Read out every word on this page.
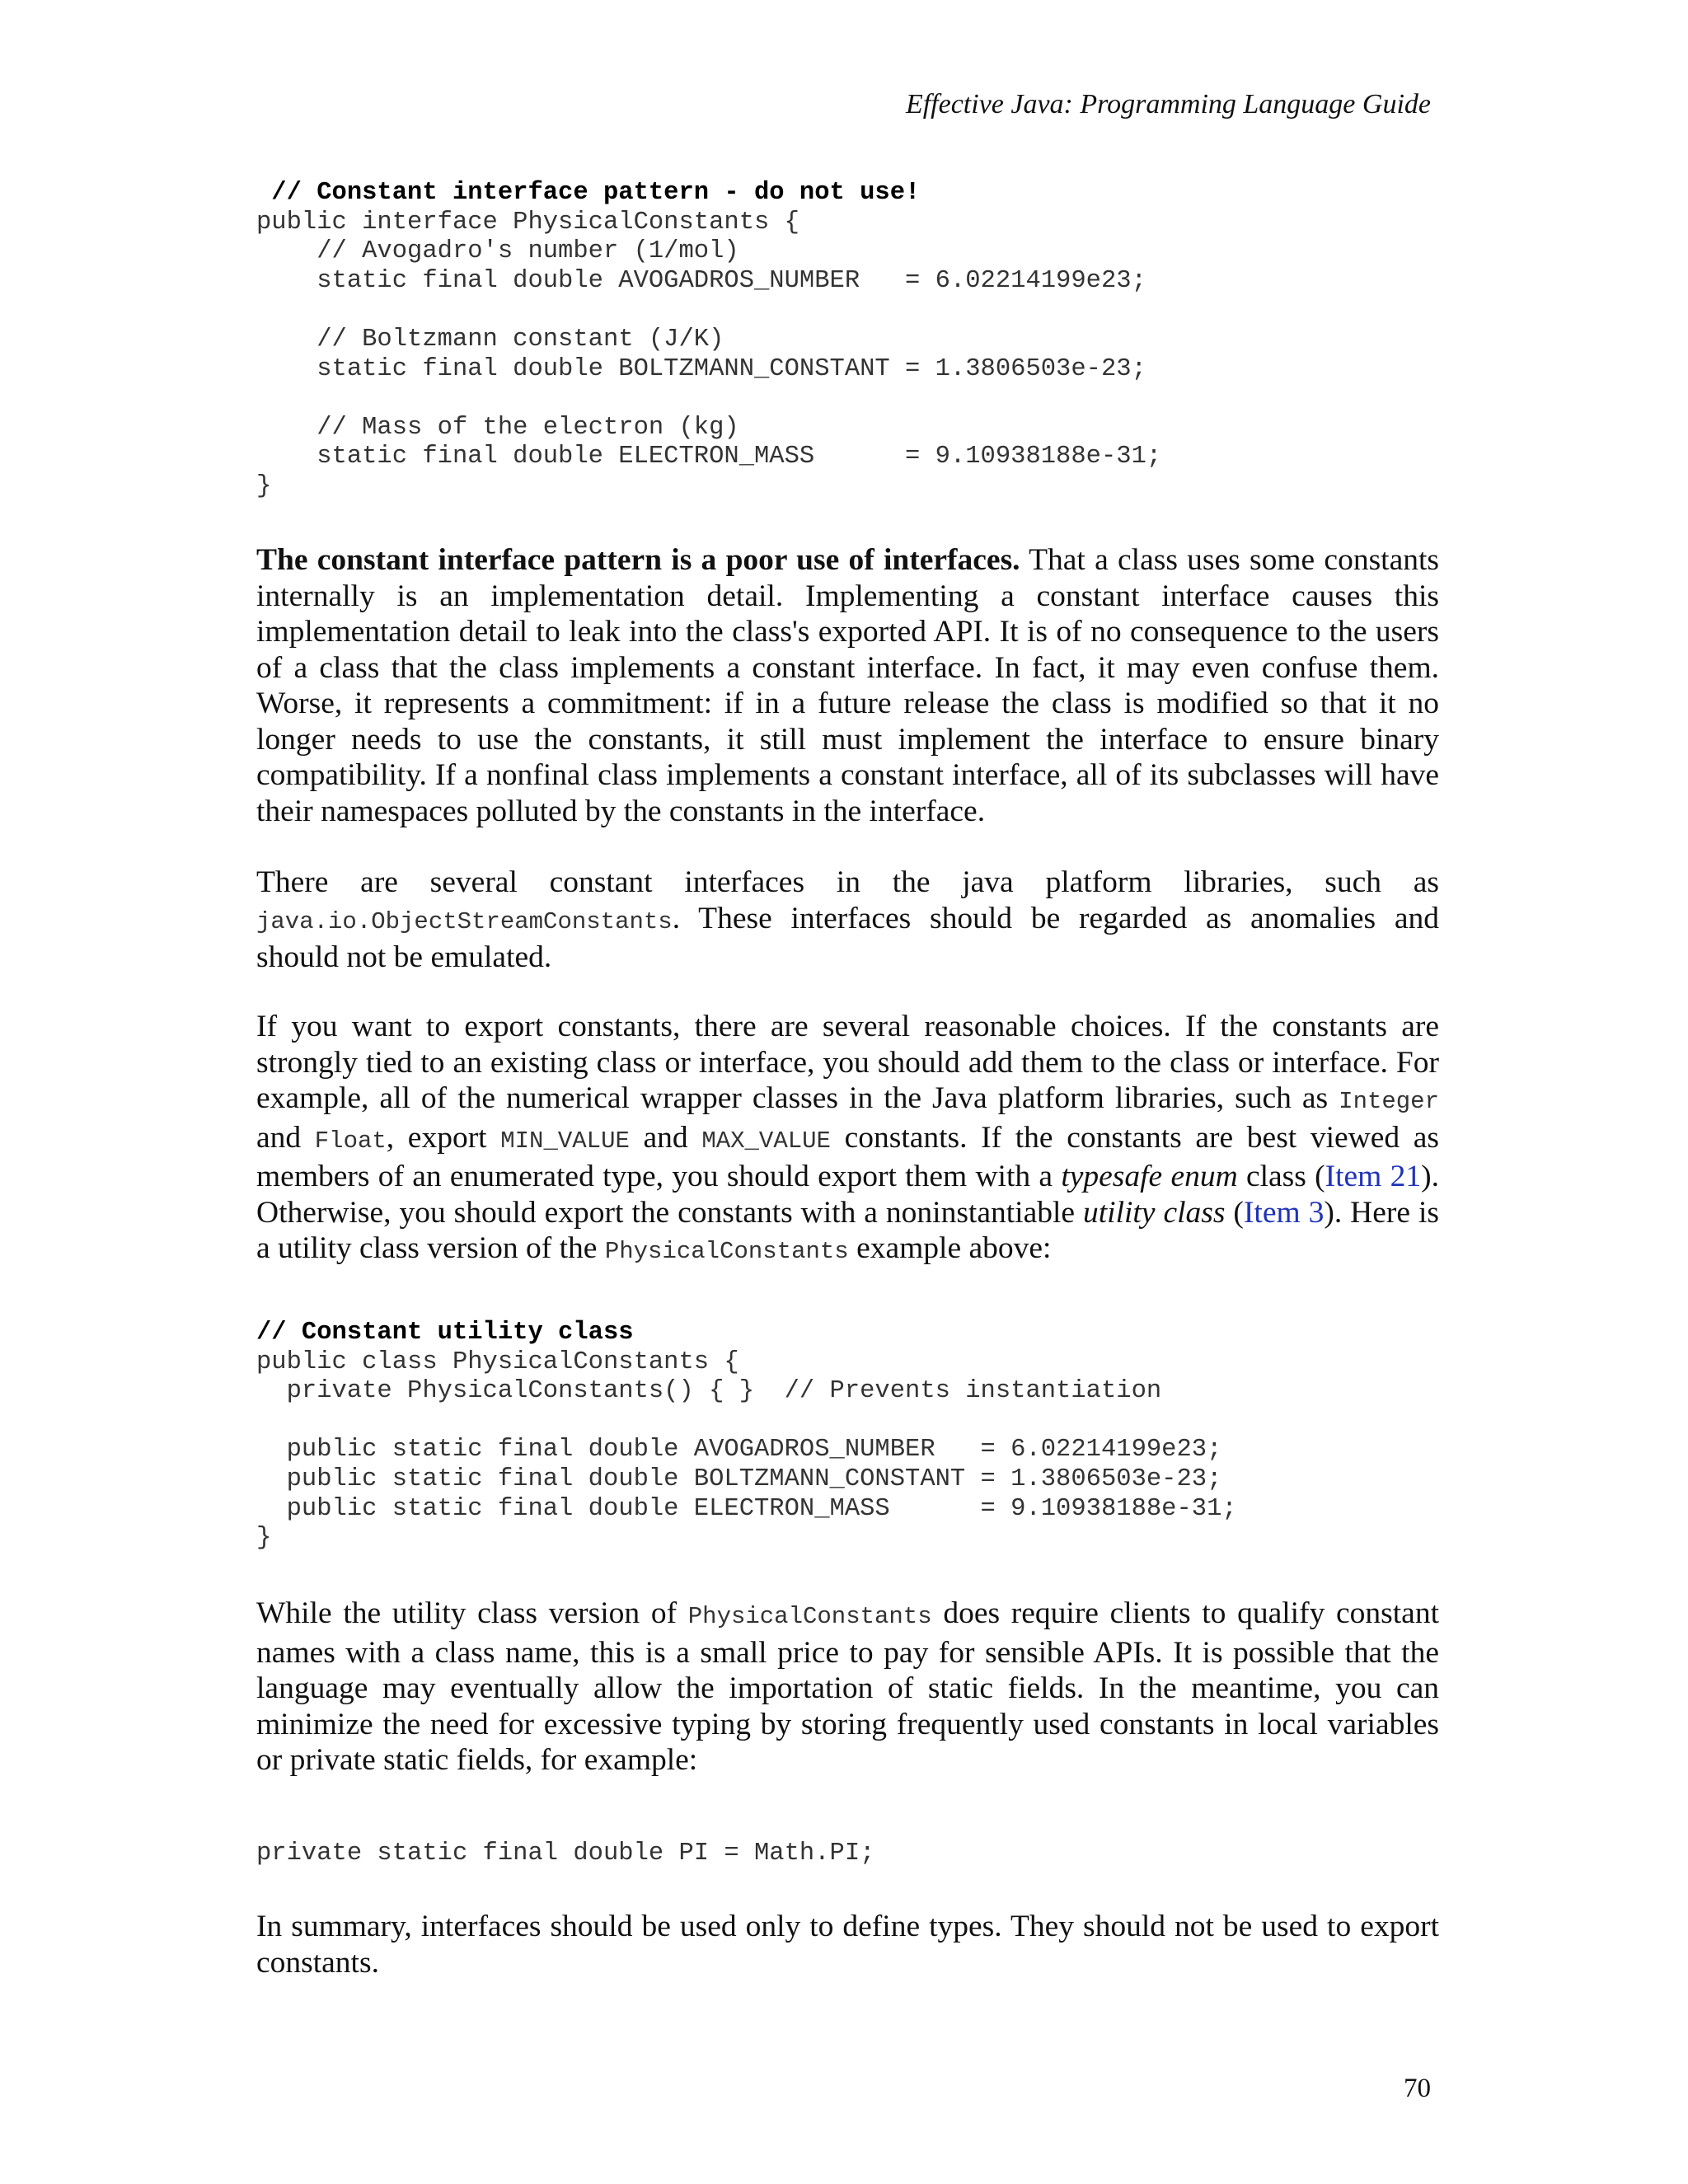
Effective Java: Programming Language Guide
// Constant interface pattern - do not use!
public interface PhysicalConstants {
// Avogadro's number (1/mol)
static final double AVOGADROS_NUMBER   = 6.02214199e23;

// Boltzmann constant (J/K)
static final double BOLTZMANN_CONSTANT = 1.3806503e-23;

// Mass of the electron (kg)
static final double ELECTRON_MASS      = 9.10938188e-31;
}

The constant interface pattern is a poor use of interfaces. That a class uses some constants internally is an implementation detail. Implementing a constant interface causes this implementation detail to leak into the class's exported API. It is of no consequence to the users of a class that the class implements a constant interface. In fact, it may even confuse them. Worse, it represents a commitment: if in a future release the class is modified so that it no longer needs to use the constants, it still must implement the interface to ensure binary compatibility. If a nonfinal class implements a constant interface, all of its subclasses will have their namespaces polluted by the constants in the interface.

There are several constant interfaces in the java platform libraries, such as java.io.ObjectStreamConstants. These interfaces should be regarded as anomalies and should not be emulated.

If you want to export constants, there are several reasonable choices. If the constants are strongly tied to an existing class or interface, you should add them to the class or interface. For example, all of the numerical wrapper classes in the Java platform libraries, such as Integer and Float, export MIN_VALUE and MAX_VALUE constants. If the constants are best viewed as members of an enumerated type, you should export them with a typesafe enum class (Item 21). Otherwise, you should export the constants with a noninstantiable utility class (Item 3). Here is a utility class version of the PhysicalConstants example above:

// Constant utility class
public class PhysicalConstants {
private PhysicalConstants() { }  // Prevents instantiation

public static final double AVOGADROS_NUMBER   = 6.02214199e23;
public static final double BOLTZMANN_CONSTANT = 1.3806503e-23;
public static final double ELECTRON_MASS      = 9.10938188e-31;
}

While the utility class version of PhysicalConstants does require clients to qualify constant names with a class name, this is a small price to pay for sensible APIs. It is possible that the language may eventually allow the importation of static fields. In the meantime, you can minimize the need for excessive typing by storing frequently used constants in local variables or private static fields, for example:

private static final double PI = Math.PI;

In summary, interfaces should be used only to define types. They should not be used to export constants.

70
